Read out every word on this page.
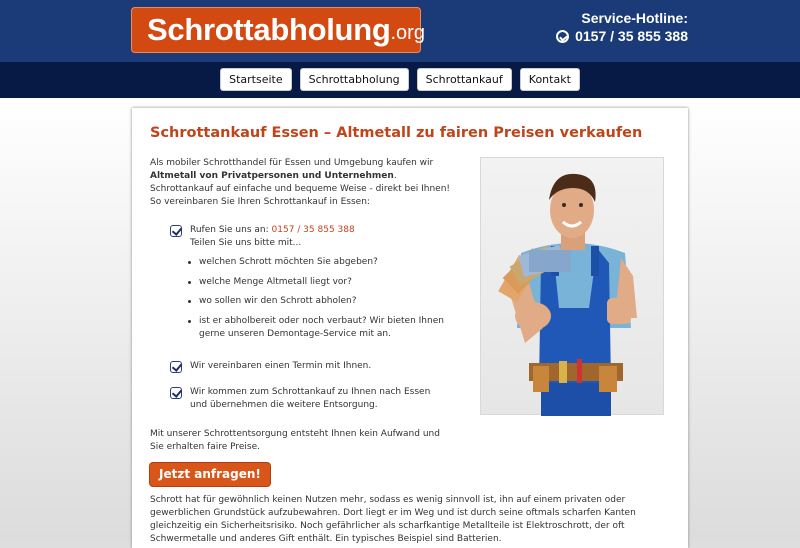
Schrottabholung .org
Service-Hotline:
0157 / 35 855 388
Startseite	Schrottabholung	Schrottankauf	Kontakt
Schrottankauf Essen – Altmetall zu fairen Preisen verkaufen
Als mobiler Schrotthandel für Essen und Umgebung kaufen wir Altmetall von Privatpersonen und Unternehmen. Schrottankauf auf einfache und bequeme Weise - direkt bei Ihnen! So vereinbaren Sie Ihren Schrottankauf in Essen:
Rufen Sie uns an: 0157 / 35 855 388
Teilen Sie uns bitte mit...
welchen Schrott möchten Sie abgeben?
welche Menge Altmetall liegt vor?
wo sollen wir den Schrott abholen?
ist er abholbereit oder noch verbaut? Wir bieten Ihnen gerne unseren Demontage-Service mit an.
Wir vereinbaren einen Termin mit Ihnen.
Wir kommen zum Schrottankauf zu Ihnen nach Essen und übernehmen die weitere Entsorgung.
Mit unserer Schrottentsorgung entsteht Ihnen kein Aufwand und Sie erhalten faire Preise.
Jetzt anfragen!
Schrott hat für gewöhnlich keinen Nutzen mehr, sodass es wenig sinnvoll ist, ihn auf einem privaten oder gewerblichen Grundstück aufzubewahren. Dort liegt er im Weg und ist durch seine oftmals scharfen Kanten gleichzeitig ein Sicherheitsrisiko. Noch gefährlicher als scharfkantige Metallteile ist Elektroschrott, der oft Schwermetalle und anderes Gift enthält. Ein typisches Beispiel sind Batterien.
